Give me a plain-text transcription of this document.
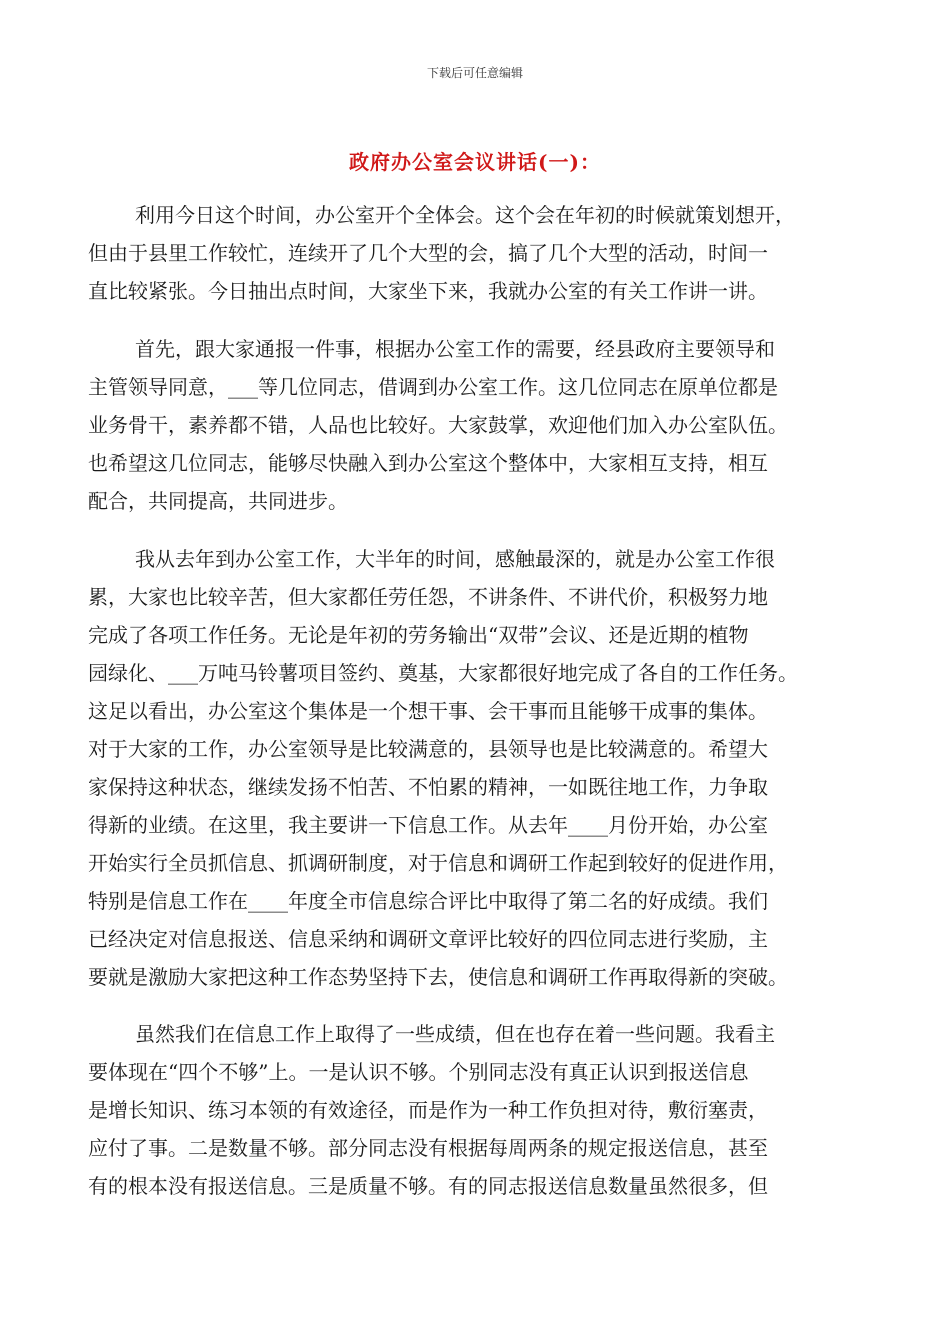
下载后可任意编辑
政府办公室会议讲话(一)：
利用今日这个时间，办公室开个全体会。这个会在年初的时候就策划想开，
但由于县里工作较忙，连续开了几个大型的会，搞了几个大型的活动，时间一
直比较紧张。今日抽出点时间，大家坐下来，我就办公室的有关工作讲一讲。
首先，跟大家通报一件事，根据办公室工作的需要，经县政府主要领导和
主管领导同意，___等几位同志，借调到办公室工作。这几位同志在原单位都是
业务骨干，素养都不错，人品也比较好。大家鼓掌，欢迎他们加入办公室队伍。
也希望这几位同志，能够尽快融入到办公室这个整体中，大家相互支持，相互
配合，共同提高，共同进步。
我从去年到办公室工作，大半年的时间，感触最深的，就是办公室工作很
累，大家也比较辛苦，但大家都任劳任怨，不讲条件、不讲代价，积极努力地
完成了各项工作任务。无论是年初的劳务输出“双带”会议、还是近期的植物
园绿化、___万吨马铃薯项目签约、奠基，大家都很好地完成了各自的工作任务。
这足以看出，办公室这个集体是一个想干事、会干事而且能够干成事的集体。
对于大家的工作，办公室领导是比较满意的，县领导也是比较满意的。希望大
家保持这种状态，继续发扬不怕苦、不怕累的精神，一如既往地工作，力争取
得新的业绩。在这里，我主要讲一下信息工作。从去年____月份开始，办公室
开始实行全员抓信息、抓调研制度，对于信息和调研工作起到较好的促进作用，
特别是信息工作在____年度全市信息综合评比中取得了第二名的好成绩。我们
已经决定对信息报送、信息采纳和调研文章评比较好的四位同志进行奖励，主
要就是激励大家把这种工作态势坚持下去，使信息和调研工作再取得新的突破。
虽然我们在信息工作上取得了一些成绩，但在也存在着一些问题。我看主
要体现在“四个不够”上。一是认识不够。个别同志没有真正认识到报送信息
是增长知识、练习本领的有效途径，而是作为一种工作负担对待，敷衍塞责，
应付了事。二是数量不够。部分同志没有根据每周两条的规定报送信息，甚至
有的根本没有报送信息。三是质量不够。有的同志报送信息数量虽然很多，但
